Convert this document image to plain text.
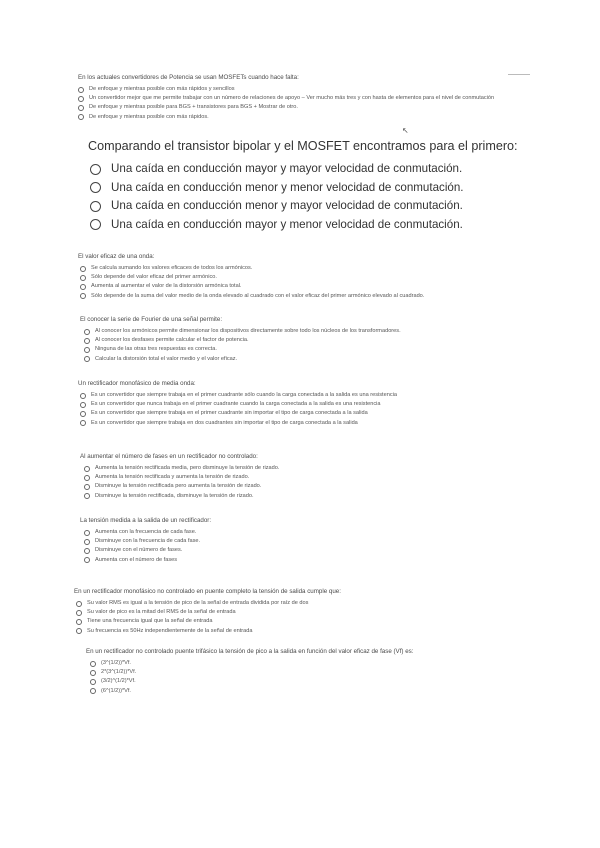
En los actuales convertidores de Potencia se usan MOSFETs cuando hace falta:
De enfoque y mientras posible con más rápidos y sencillos
Un convertidor mejor que me permite trabajar con un número de relaciones de apoyo – Ver mucho más tres y con hasta de elementos para el nivel de conmutación
De enfoque y mientras posible para BGS + transistores para BGS + Mostrar de otro.
De enfoque y mientras posible con más rápidos.
↖
Comparando el transistor bipolar y el MOSFET encontramos para el primero:
Una caída en conducción mayor y mayor velocidad de conmutación.
Una caída en conducción menor y menor velocidad de conmutación.
Una caída en conducción menor y mayor velocidad de conmutación.
Una caída en conducción mayor y menor velocidad de conmutación.
El valor eficaz de una onda:
Se calcula sumando los valores eficaces de todos los armónicos.
Sólo depende del valor eficaz del primer armónico.
Aumenta al aumentar el valor de la distorsión armónica total.
Sólo depende de la suma del valor medio de la onda elevado al cuadrado con el valor eficaz del primer armónico elevado al cuadrado.
El conocer la serie de Fourier de una señal permite:
Al conocer los armónicos permite dimensionar los dispositivos directamente sobre todo los núcleos de los transformadores.
Al conocer los desfases permite calcular el factor de potencia.
Ninguna de las otras tres respuestas es correcta.
Calcular la distorsión total el valor medio y el valor eficaz.
Un rectificador monofásico de media onda:
Es un convertidor que siempre trabaja en el primer cuadrante sólo cuando la carga conectada a la salida es una resistencia
Es un convertidor que nunca trabaja en el primer cuadrante cuando la carga conectada a la salida es una resistencia
Es un convertidor que siempre trabaja en el primer cuadrante sin importar el tipo de carga conectada a la salida
Es un convertidor que siempre trabaja en dos cuadrantes sin importar el tipo de carga conectada a la salida
Al aumentar el número de fases en un rectificador no controlado:
Aumenta la tensión rectificada media, pero disminuye la tensión de rizado.
Aumenta la tensión rectificada y aumenta la tensión de rizado.
Disminuye la tensión rectificada pero aumenta la tensión de rizado.
Disminuye la tensión rectificada, disminuye la tensión de rizado.
La tensión medida a la salida de un rectificador:
Aumenta con la frecuencia de cada fase.
Disminuye con la frecuencia de cada fase.
Disminuye con el número de fases.
Aumenta con el número de fases
En un rectificador monofásico no controlado en puente completo la tensión de salida cumple que:
Su valor RMS es igual a la tensión de pico de la señal de entrada dividida por raíz de dos
Su valor de pico es la mitad del RMS de la señal de entrada
Tiene una frecuencia igual que la señal de entrada
Su frecuencia es 50Hz independientemente de la señal de entrada
En un rectificador no controlado puente trifásico la tensión de pico a la salida en función del valor eficaz de fase (Vf) es:
(3^(1/2))*Vf.
2*(3^(1/2))*Vf.
(3/2)^(1/2)*Vf.
(6^(1/2))*Vf.
